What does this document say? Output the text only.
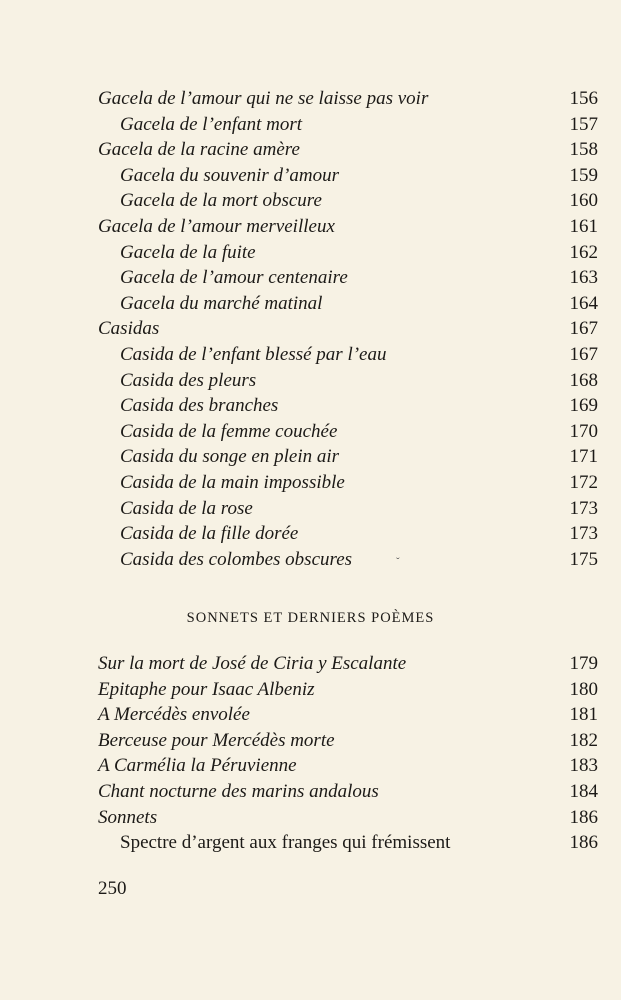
Gacela de l’amour qui ne se laisse pas voir	156
Gacela de l’enfant mort	157
Gacela de la racine amère	158
Gacela du souvenir d’amour	159
Gacela de la mort obscure	160
Gacela de l’amour merveilleux	161
Gacela de la fuite	162
Gacela de l’amour centenaire	163
Gacela du marché matinal	164
Casidas	167
Casida de l’enfant blessé par l’eau	167
Casida des pleurs	168
Casida des branches	169
Casida de la femme couchée	170
Casida du songe en plein air	171
Casida de la main impossible	172
Casida de la rose	173
Casida de la fille dorée	173
Casida des colombes obscures	175
ˇ
SONNETS ET DERNIERS POÈMES
Sur la mort de José de Ciria y Escalante	179
Epitaphe pour Isaac Albeniz	180
A Mercédès envolée	181
Berceuse pour Mercédès morte	182
A Carmélia la Péruvienne	183
Chant nocturne des marins andalous	184
Sonnets	186
Spectre d’argent aux franges qui frémissent	186
250
